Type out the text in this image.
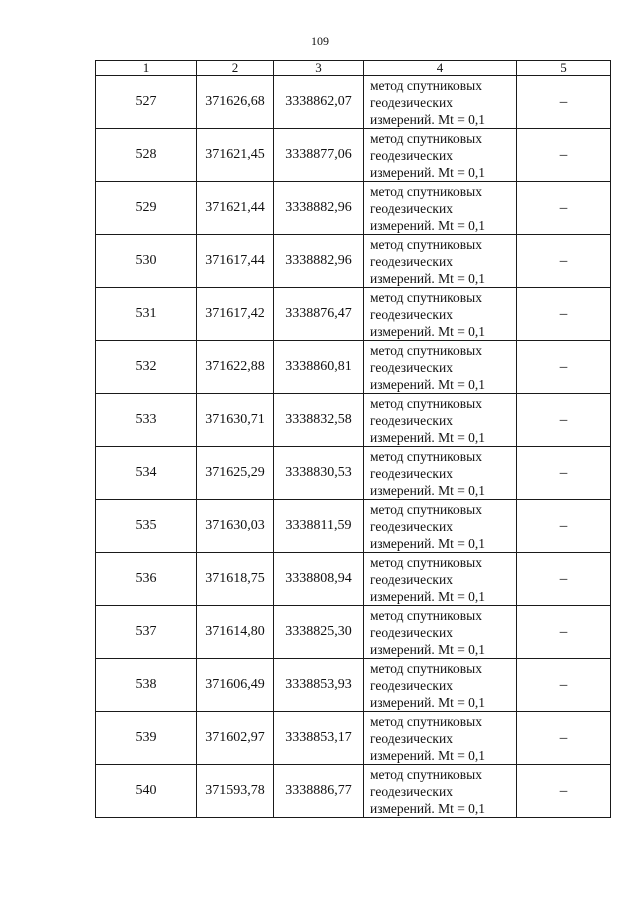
109
1	2	3	4	5
527	371626,68	3338862,07	метод спутниковых
геодезических
измерений. Mt = 0,1	–
528	371621,45	3338877,06	метод спутниковых
геодезических
измерений. Mt = 0,1	–
529	371621,44	3338882,96	метод спутниковых
геодезических
измерений. Mt = 0,1	–
530	371617,44	3338882,96	метод спутниковых
геодезических
измерений. Mt = 0,1	–
531	371617,42	3338876,47	метод спутниковых
геодезических
измерений. Mt = 0,1	–
532	371622,88	3338860,81	метод спутниковых
геодезических
измерений. Mt = 0,1	–
533	371630,71	3338832,58	метод спутниковых
геодезических
измерений. Mt = 0,1	–
534	371625,29	3338830,53	метод спутниковых
геодезических
измерений. Mt = 0,1	–
535	371630,03	3338811,59	метод спутниковых
геодезических
измерений. Mt = 0,1	–
536	371618,75	3338808,94	метод спутниковых
геодезических
измерений. Mt = 0,1	–
537	371614,80	3338825,30	метод спутниковых
геодезических
измерений. Mt = 0,1	–
538	371606,49	3338853,93	метод спутниковых
геодезических
измерений. Mt = 0,1	–
539	371602,97	3338853,17	метод спутниковых
геодезических
измерений. Mt = 0,1	–
540	371593,78	3338886,77	метод спутниковых
геодезических
измерений. Mt = 0,1	–
